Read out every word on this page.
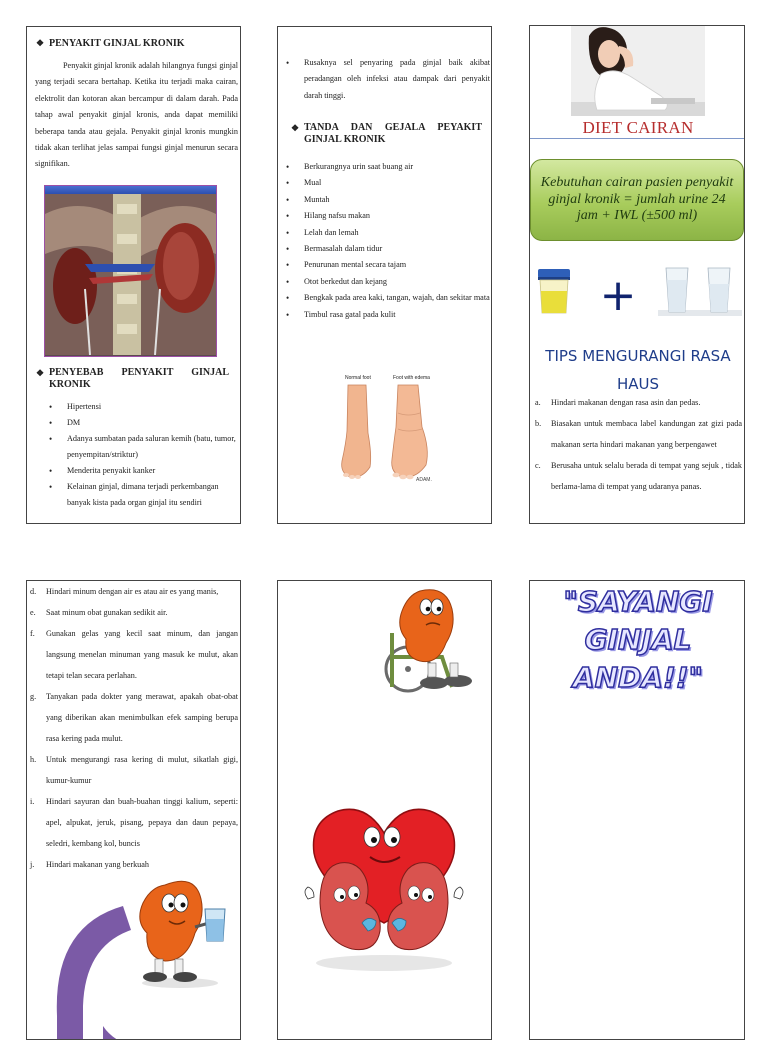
❖ PENYAKIT GINJAL KRONIK
Penyakit ginjal kronik adalah hilangnya fungsi ginjal yang terjadi secara bertahap. Ketika itu terjadi maka cairan, elektrolit dan kotoran akan bercampur di dalam darah. Pada tahap awal penyakit ginjal kronis, anda dapat memiliki beberapa tanda atau gejala. Penyakit ginjal kronis mungkin tidak akan terlihat jelas sampai fungsi ginjal menurun secara signifikan.
❖ PENYEBAB PENYAKIT GINJAL KRONIK
• Hipertensi
• DM
• Adanya sumbatan pada saluran kemih (batu, tumor, penyempitan/striktur)
• Menderita penyakit kanker
• Kelainan ginjal, dimana terjadi perkembangan banyak kista pada organ ginjal itu sendiri
• Rusaknya sel penyaring pada ginjal baik akibat peradangan oleh infeksi atau dampak dari penyakit darah tinggi.
❖ TANDA DAN GEJALA PEYAKIT GINJAL KRONIK
• Berkurangnya urin saat buang air
• Mual
• Muntah
• Hilang nafsu makan
• Lelah dan lemah
• Bermasalah dalam tidur
• Penurunan mental secara tajam
• Otot berkedut dan kejang
• Bengkak pada area kaki, tangan, wajah, dan sekitar mata
• Timbul rasa gatal pada kulit
Normal foot	Foot with edema
ADAM.
DIET CAIRAN
Kebutuhan cairan pasien penyakit ginjal kronik = jumlah urine 24 jam + IWL (±500 ml)
+
TIPS MENGURANGI RASA HAUS
a. Hindari makanan dengan rasa asin dan pedas.
b. Biasakan untuk membaca label kandungan zat gizi pada makanan serta hindari makanan yang berpengawet
c. Berusaha untuk selalu berada di tempat yang sejuk , tidak berlama-lama di tempat yang udaranya panas.
d. Hindari minum dengan air es atau air es yang manis,
e. Saat minum obat gunakan sedikit air.
f. Gunakan gelas yang kecil saat minum, dan jangan langsung menelan minuman yang masuk ke mulut, akan tetapi telan secara perlahan.
g. Tanyakan pada dokter yang merawat, apakah obat-obat yang diberikan akan menimbulkan efek samping berupa rasa kering pada mulut.
h. Untuk mengurangi rasa kering di mulut, sikatlah gigi, kumur-kumur
i. Hindari sayuran dan buah-buahan tinggi kalium, seperti: apel, alpukat, jeruk, pisang, pepaya dan daun pepaya, seledri, kembang kol, buncis
j. Hindari makanan yang berkuah
"SAYANGI
GINJAL
ANDA!!"
